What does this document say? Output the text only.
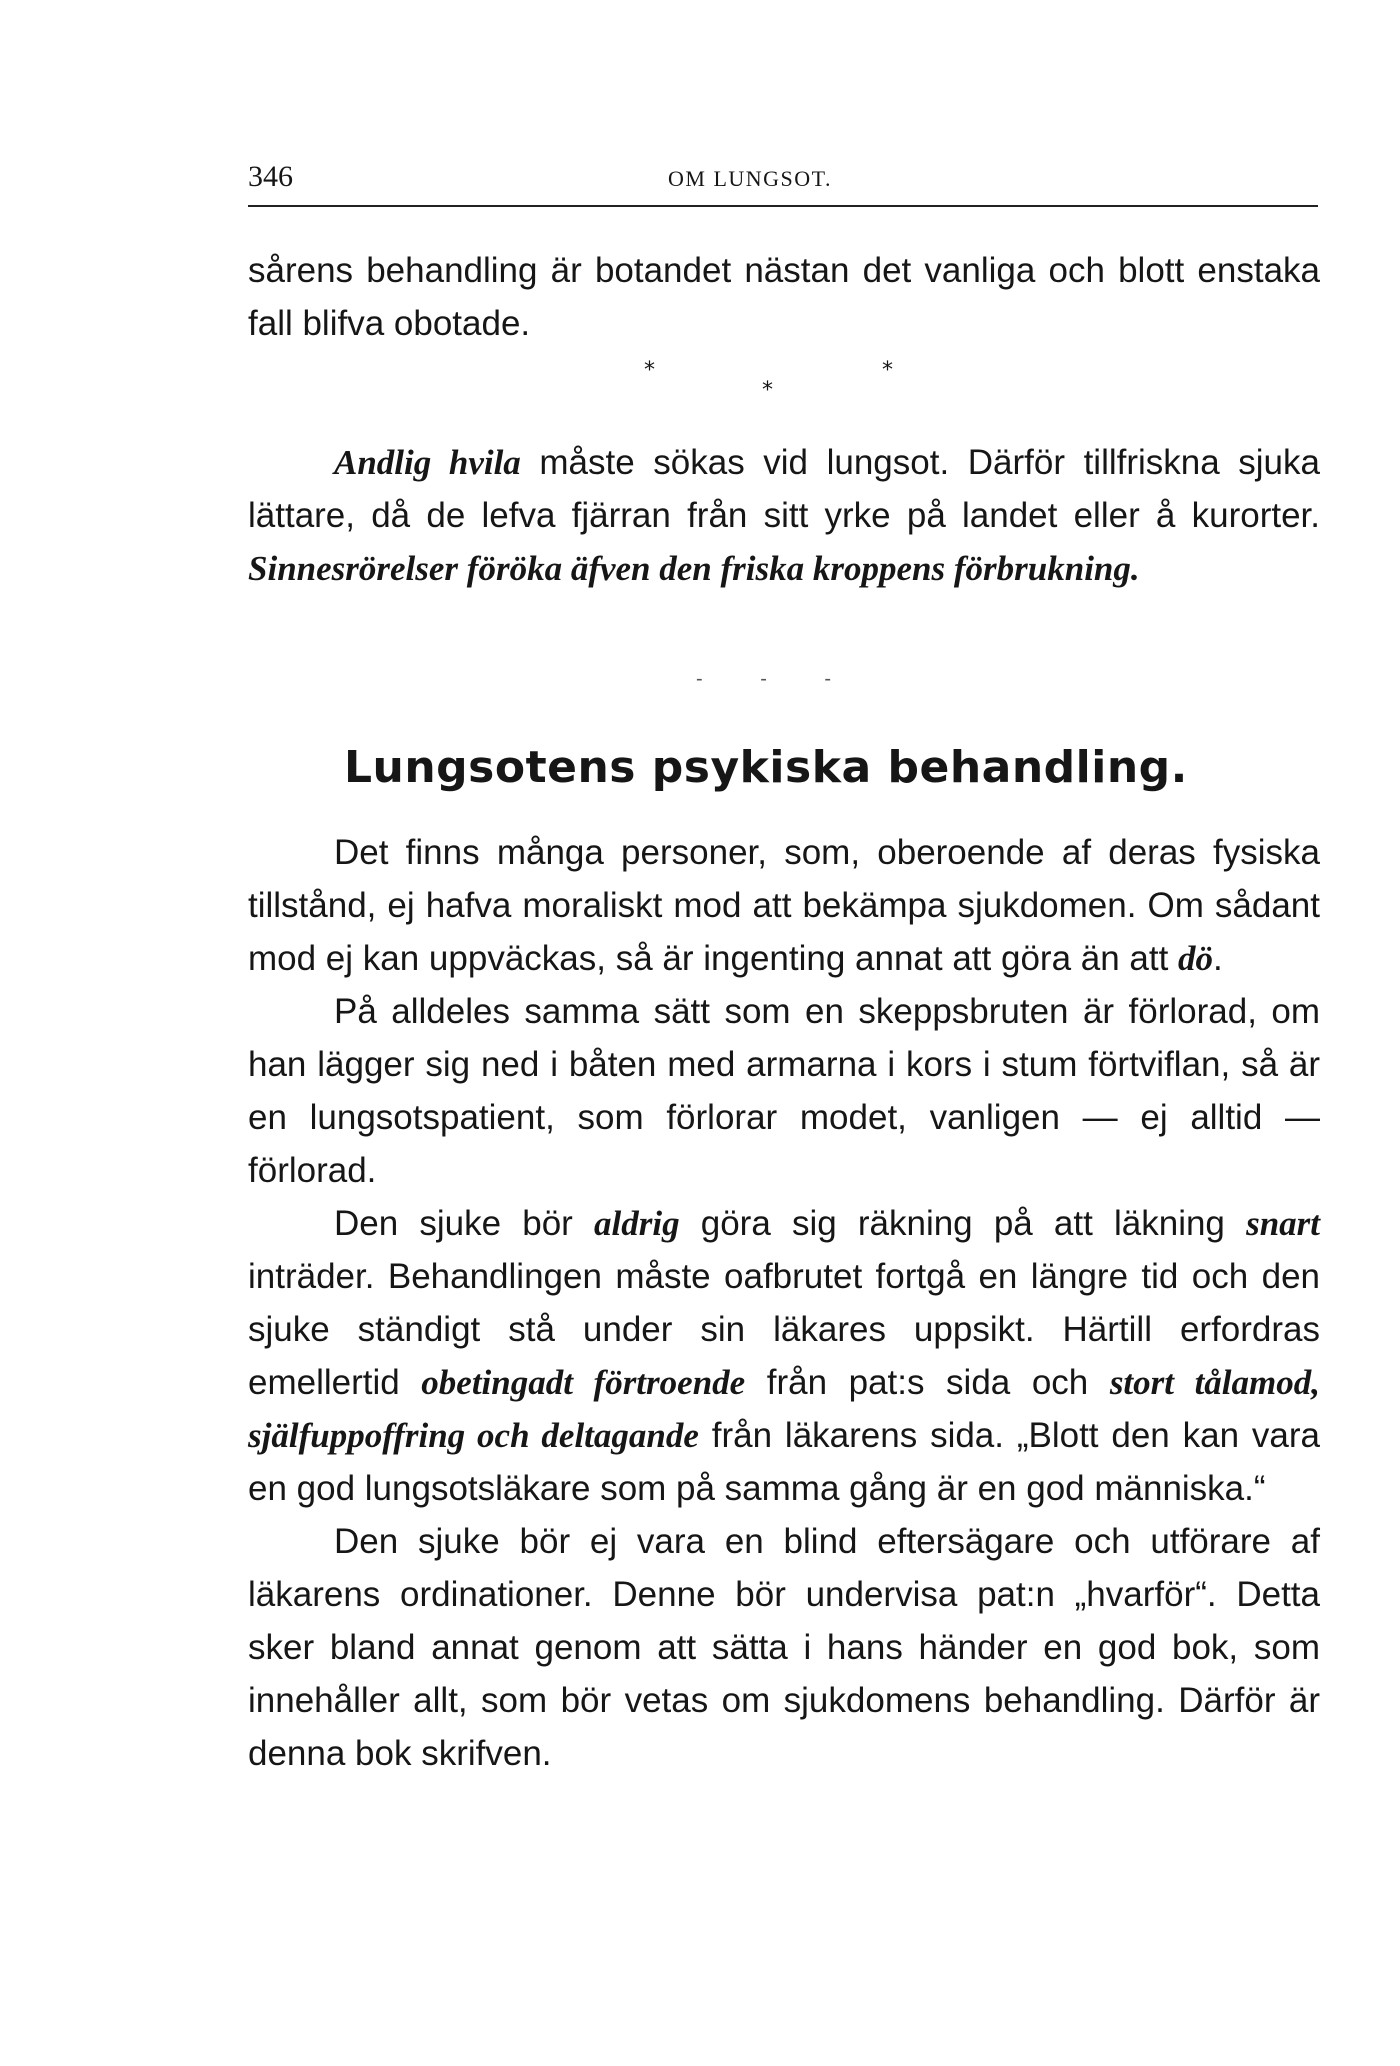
346	OM LUNGSOT.

sårens behandling är botandet nästan det vanliga och blott enstaka fall blifva obotade.

*
*
*

Andlig hvila måste sökas vid lungsot. Därför tillfriskna sjuka lättare, då de lefva fjärran från sitt yrke på landet eller å kurorter. Sinnesrörelser föröka äfven den friska kroppens förbrukning.

- - -
Lungsotens psykiska behandling.

Det finns många personer, som, oberoende af deras fysiska tillstånd, ej hafva moraliskt mod att bekämpa sjukdomen. Om sådant mod ej kan uppväckas, så är ingenting annat att göra än att dö.

På alldeles samma sätt som en skeppsbruten är förlorad, om han lägger sig ned i båten med armarna i kors i stum förtviflan, så är en lungsotspatient, som förlorar modet, vanligen — ej alltid — förlorad.

Den sjuke bör aldrig göra sig räkning på att läkning snart inträder. Behandlingen måste oafbrutet fortgå en längre tid och den sjuke ständigt stå under sin läkares uppsikt. Härtill erfordras emellertid obetingadt förtroende från pat:s sida och stort tålamod, själfuppoffring och deltagande från läkarens sida. „Blott den kan vara en god lungsotsläkare som på samma gång är en god människa.“

Den sjuke bör ej vara en blind eftersägare och utförare af läkarens ordinationer. Denne bör undervisa pat:n „hvarför“. Detta sker bland annat genom att sätta i hans händer en god bok, som innehåller allt, som bör vetas om sjukdomens behandling. Därför är denna bok skrifven.
